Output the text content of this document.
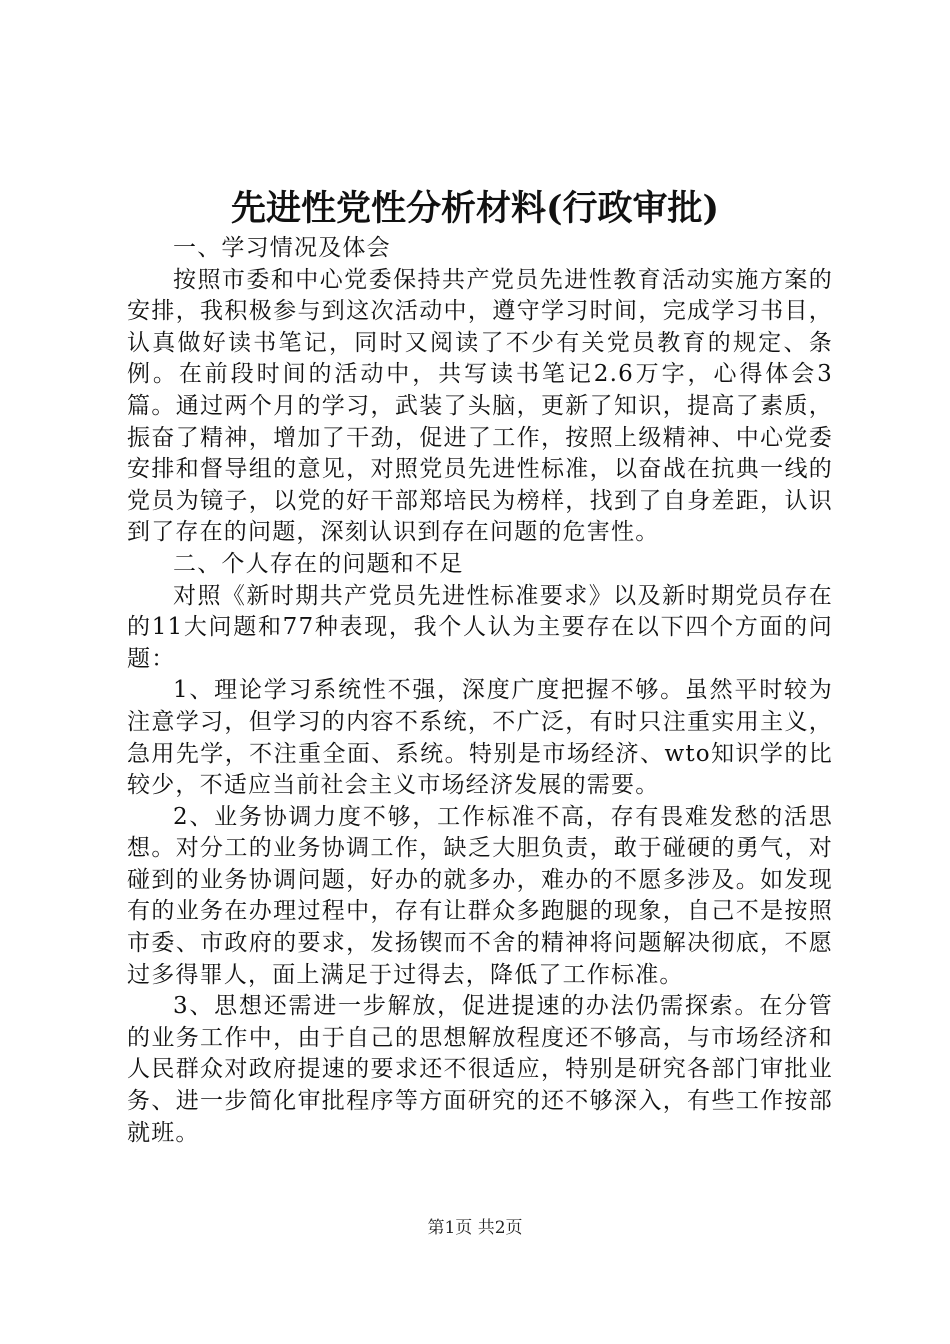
先进性党性分析材料(行政审批)

一、学习情况及体会

按照市委和中心党委保持共产党员先进性教育活动实施方案的安排，我积极参与到这次活动中，遵守学习时间，完成学习书目，认真做好读书笔记，同时又阅读了不少有关党员教育的规定、条例。在前段时间的活动中，共写读书笔记2.6万字，心得体会3篇。通过两个月的学习，武装了头脑，更新了知识，提高了素质，振奋了精神，增加了干劲，促进了工作，按照上级精神、中心党委安排和督导组的意见，对照党员先进性标准，以奋战在抗典一线的党员为镜子，以党的好干部郑培民为榜样，找到了自身差距，认识到了存在的问题，深刻认识到存在问题的危害性。

二、个人存在的问题和不足

对照《新时期共产党员先进性标准要求》以及新时期党员存在的11大问题和77种表现，我个人认为主要存在以下四个方面的问题：

1、理论学习系统性不强，深度广度把握不够。虽然平时较为注意学习，但学习的内容不系统，不广泛，有时只注重实用主义，急用先学，不注重全面、系统。特别是市场经济、wto知识学的比较少，不适应当前社会主义市场经济发展的需要。

2、业务协调力度不够，工作标准不高，存有畏难发愁的活思想。对分工的业务协调工作，缺乏大胆负责，敢于碰硬的勇气，对碰到的业务协调问题，好办的就多办，难办的不愿多涉及。如发现有的业务在办理过程中，存有让群众多跑腿的现象，自己不是按照市委、市政府的要求，发扬锲而不舍的精神将问题解决彻底，不愿过多得罪人，面上满足于过得去，降低了工作标准。

3、思想还需进一步解放，促进提速的办法仍需探索。在分管的业务工作中，由于自己的思想解放程度还不够高，与市场经济和人民群众对政府提速的要求还不很适应，特别是研究各部门审批业务、进一步简化审批程序等方面研究的还不够深入，有些工作按部就班。

第1页 共2页
